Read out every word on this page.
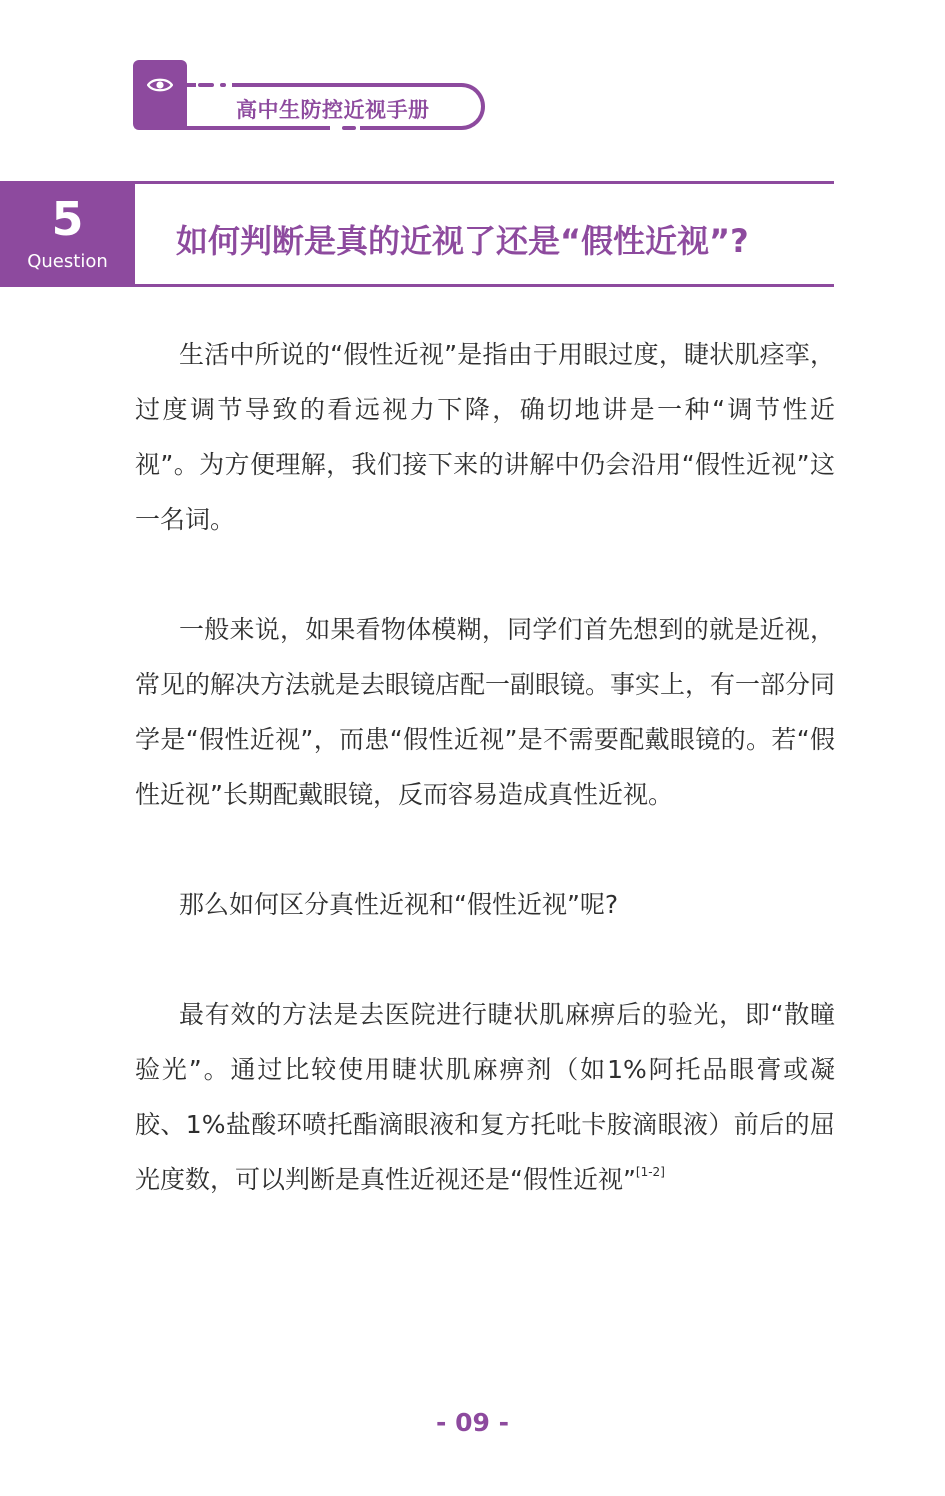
高中生防控近视手册
5
Question
如何判断是真的近视了还是“假性近视”?

生活中所说的“假性近视”是指由于用眼过度，睫状肌痉挛，过度调节导致的看远视力下降，确切地讲是一种“调节性近视”。为方便理解，我们接下来的讲解中仍会沿用“假性近视”这一名词。

一般来说，如果看物体模糊，同学们首先想到的就是近视，常见的解决方法就是去眼镜店配一副眼镜。事实上，有一部分同学是“假性近视”，而患“假性近视”是不需要配戴眼镜的。若“假性近视”长期配戴眼镜，反而容易造成真性近视。

那么如何区分真性近视和“假性近视”呢?

最有效的方法是去医院进行睫状肌麻痹后的验光，即“散瞳验光”。通过比较使用睫状肌麻痹剂（如1%阿托品眼膏或凝胶、1%盐酸环喷托酯滴眼液和复方托吡卡胺滴眼液）前后的屈光度数，可以判断是真性近视还是“假性近视”[1-2]

- 09 -
